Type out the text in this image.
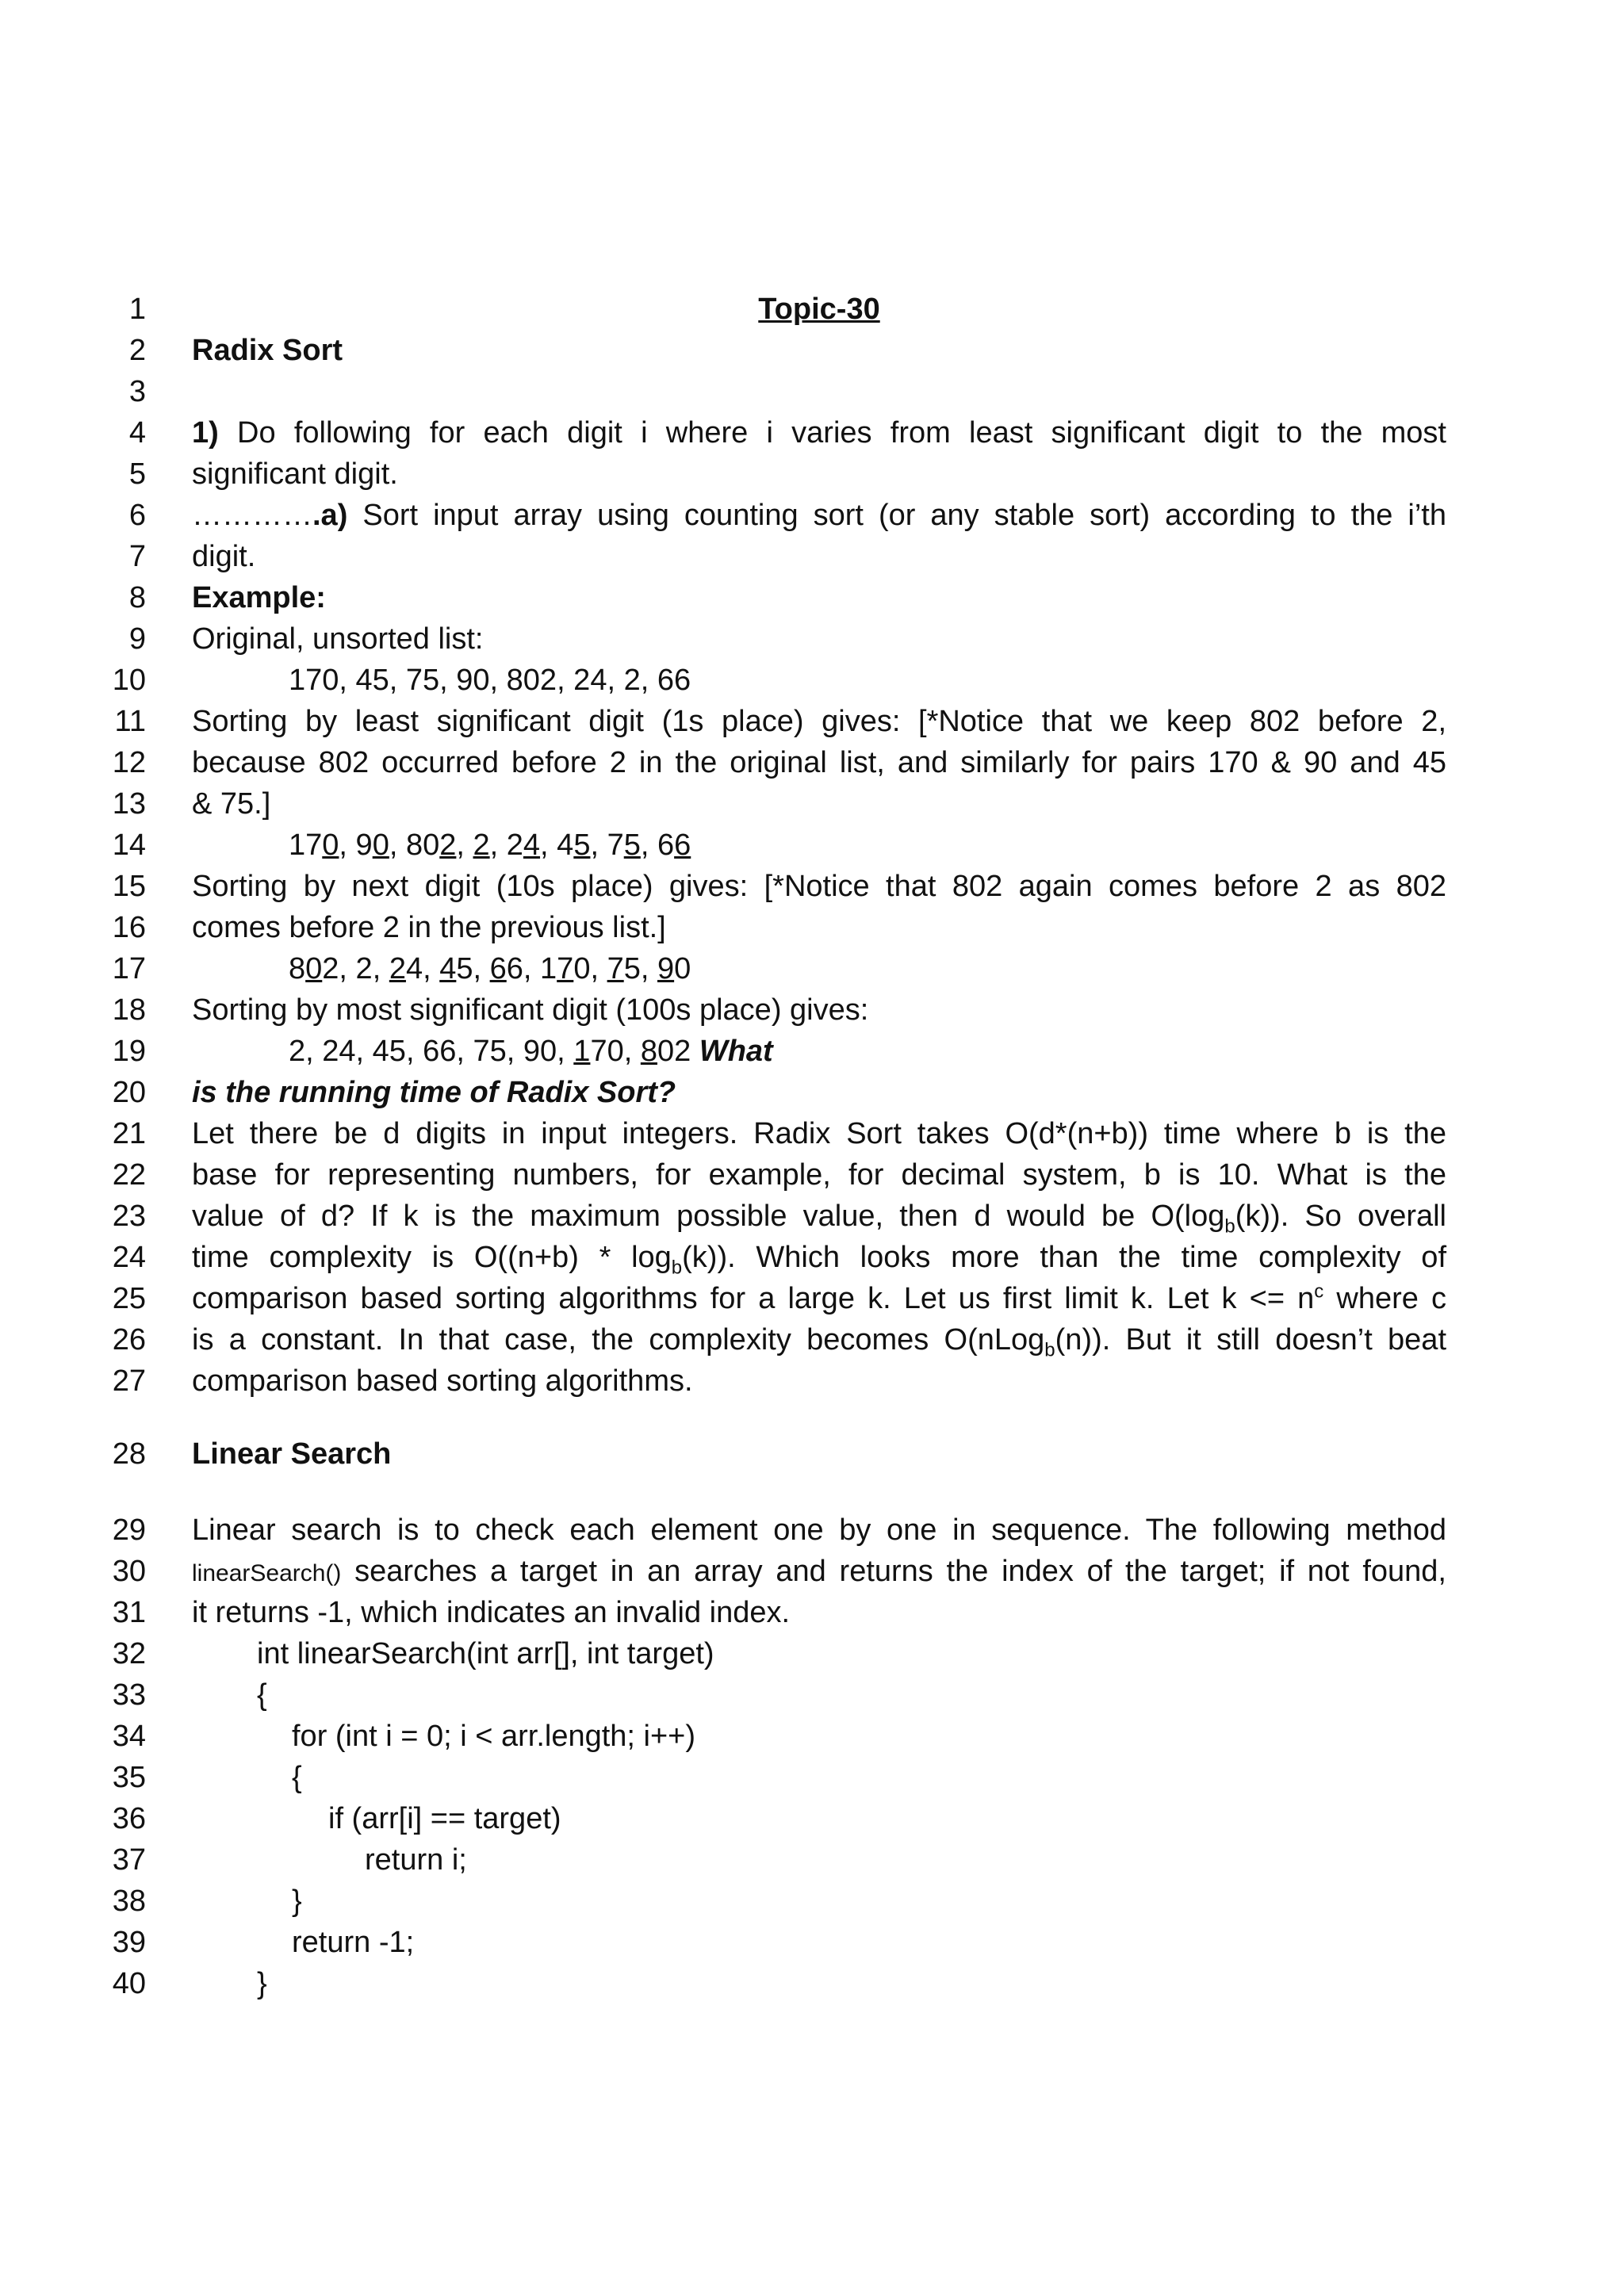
1
2
3
4
5
6
7
8
9
10
11
12
13
14
15
16
17
18
19
20
21
22
23
24
25
26
27
28
29
30
31
32
33
34
35
36
37
38
39
40
Topic-30
Radix Sort
1) Do following for each digit i where i varies from least significant digit to the most
significant digit.
………….a) Sort input array using counting sort (or any stable sort) according to the i’th
digit.
Example:
Original, unsorted list:
170, 45, 75, 90, 802, 24, 2, 66
Sorting by least significant digit (1s place) gives: [*Notice that we keep 802 before 2,
because 802 occurred before 2 in the original list, and similarly for pairs 170 & 90 and 45
& 75.]
170, 90, 802, 2, 24, 45, 75, 66
Sorting by next digit (10s place) gives: [*Notice that 802 again comes before 2 as 802
comes before 2 in the previous list.]
802, 2, 24, 45, 66, 170, 75, 90
Sorting by most significant digit (100s place) gives:
2, 24, 45, 66, 75, 90, 170, 802 What
is the running time of Radix Sort?
Let there be d digits in input integers. Radix Sort takes O(d*(n+b)) time where b is the
base for representing numbers, for example, for decimal system, b is 10. What is the
value of d? If k is the maximum possible value, then d would be $O(\log_b(k))$. So overall
time complexity is $O((n+b) * \log_b(k))$. Which looks more than the time complexity of
comparison based sorting algorithms for a large k. Let us first limit k. Let $k <= n^c$ where c
is a constant. In that case, the complexity becomes O(nLog$_b$(n)). But it still doesn’t beat
comparison based sorting algorithms.
Linear Search
Linear search is to check each element one by one in sequence. The following method
linearSearch() searches a target in an array and returns the index of the target; if not found,
it returns -1, which indicates an invalid index.
int linearSearch(int arr[], int target)
{
for (int i = 0; i < arr.length; i++)
{
if (arr[i] == target)
return i;
}
return -1;
}
